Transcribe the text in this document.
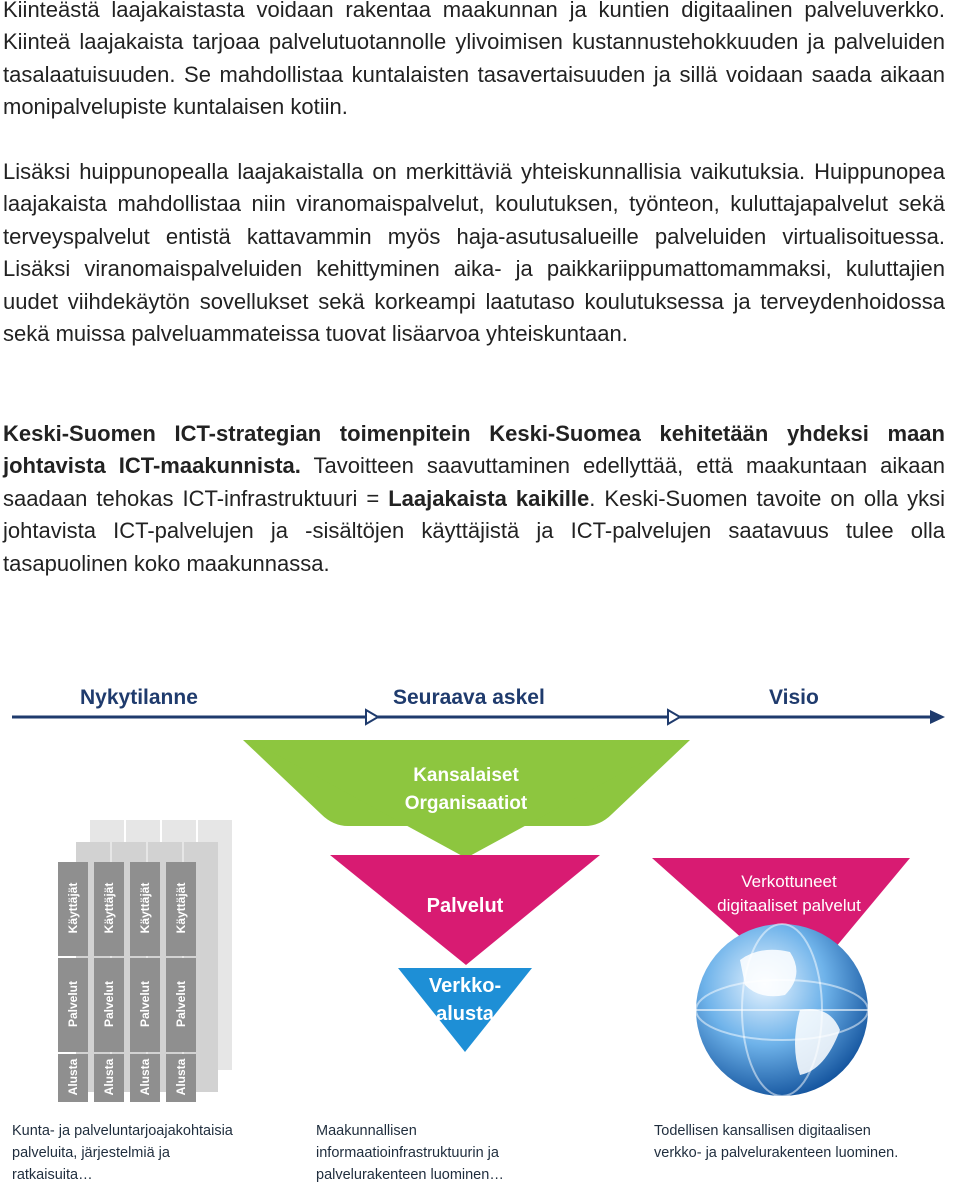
Kiinteästä laajakaistasta voidaan rakentaa maakunnan ja kuntien digitaalinen palveluverkko. Kiinteä laajakaista tarjoaa palvelutuotannolle ylivoimisen kustannustehokkuuden ja palveluiden tasalaatuisuuden. Se mahdollistaa kuntalaisten tasavertaisuuden ja sillä voidaan saada aikaan monipalvelupiste kuntalaisen kotiin.

Lisäksi huippunopealla laajakaistalla on merkittäviä yhteiskunnallisia vaikutuksia. Huippunopea laajakaista mahdollistaa niin viranomaispalvelut, koulutuksen, työnteon, kuluttajapalvelut sekä terveyspalvelut entistä kattavammin myös haja-asutusalueille palveluiden virtualisoituessa. Lisäksi viranomaispalveluiden kehittyminen aika- ja paikkariippumattomammaksi, kuluttajien uudet viihdekäytön sovellukset sekä korkeampi laatutaso koulutuksessa ja terveydenhoidossa sekä muissa palveluammateissa tuovat lisäarvoa yhteiskuntaan.

Keski-Suomen ICT-strategian toimenpitein Keski-Suomea kehitetään yhdeksi maan johtavista ICT-maakunnista. Tavoitteen saavuttaminen edellyttää, että maakuntaan aikaan saadaan tehokas ICT-infrastruktuuri = Laajakaista kaikille. Keski-Suomen tavoite on olla yksi johtavista ICT-palvelujen ja -sisältöjen käyttäjistä ja ICT-palvelujen saatavuus tulee olla tasapuolinen koko maakunnassa.

Nykytilanne	Seuraava askel	Visio
Käyttäjät Käyttäjät Käyttäjät Käyttäjät
Palvelut Palvelut Palvelut Palvelut
Alusta Alusta Alusta Alusta
Kansalaiset
Organisaatiot
Palvelut
Verkko-
alusta
Verkottuneet
digitaaliset palvelut
Kunta- ja palveluntarjoajakohtaisia
palveluita, järjestelmiä ja
ratkaisuita…
Maakunnallisen
informaatioinfrastruktuurin ja
palvelurakenteen luominen…
Todellisen kansallisen digitaalisen
verkko- ja palvelurakenteen luominen.
